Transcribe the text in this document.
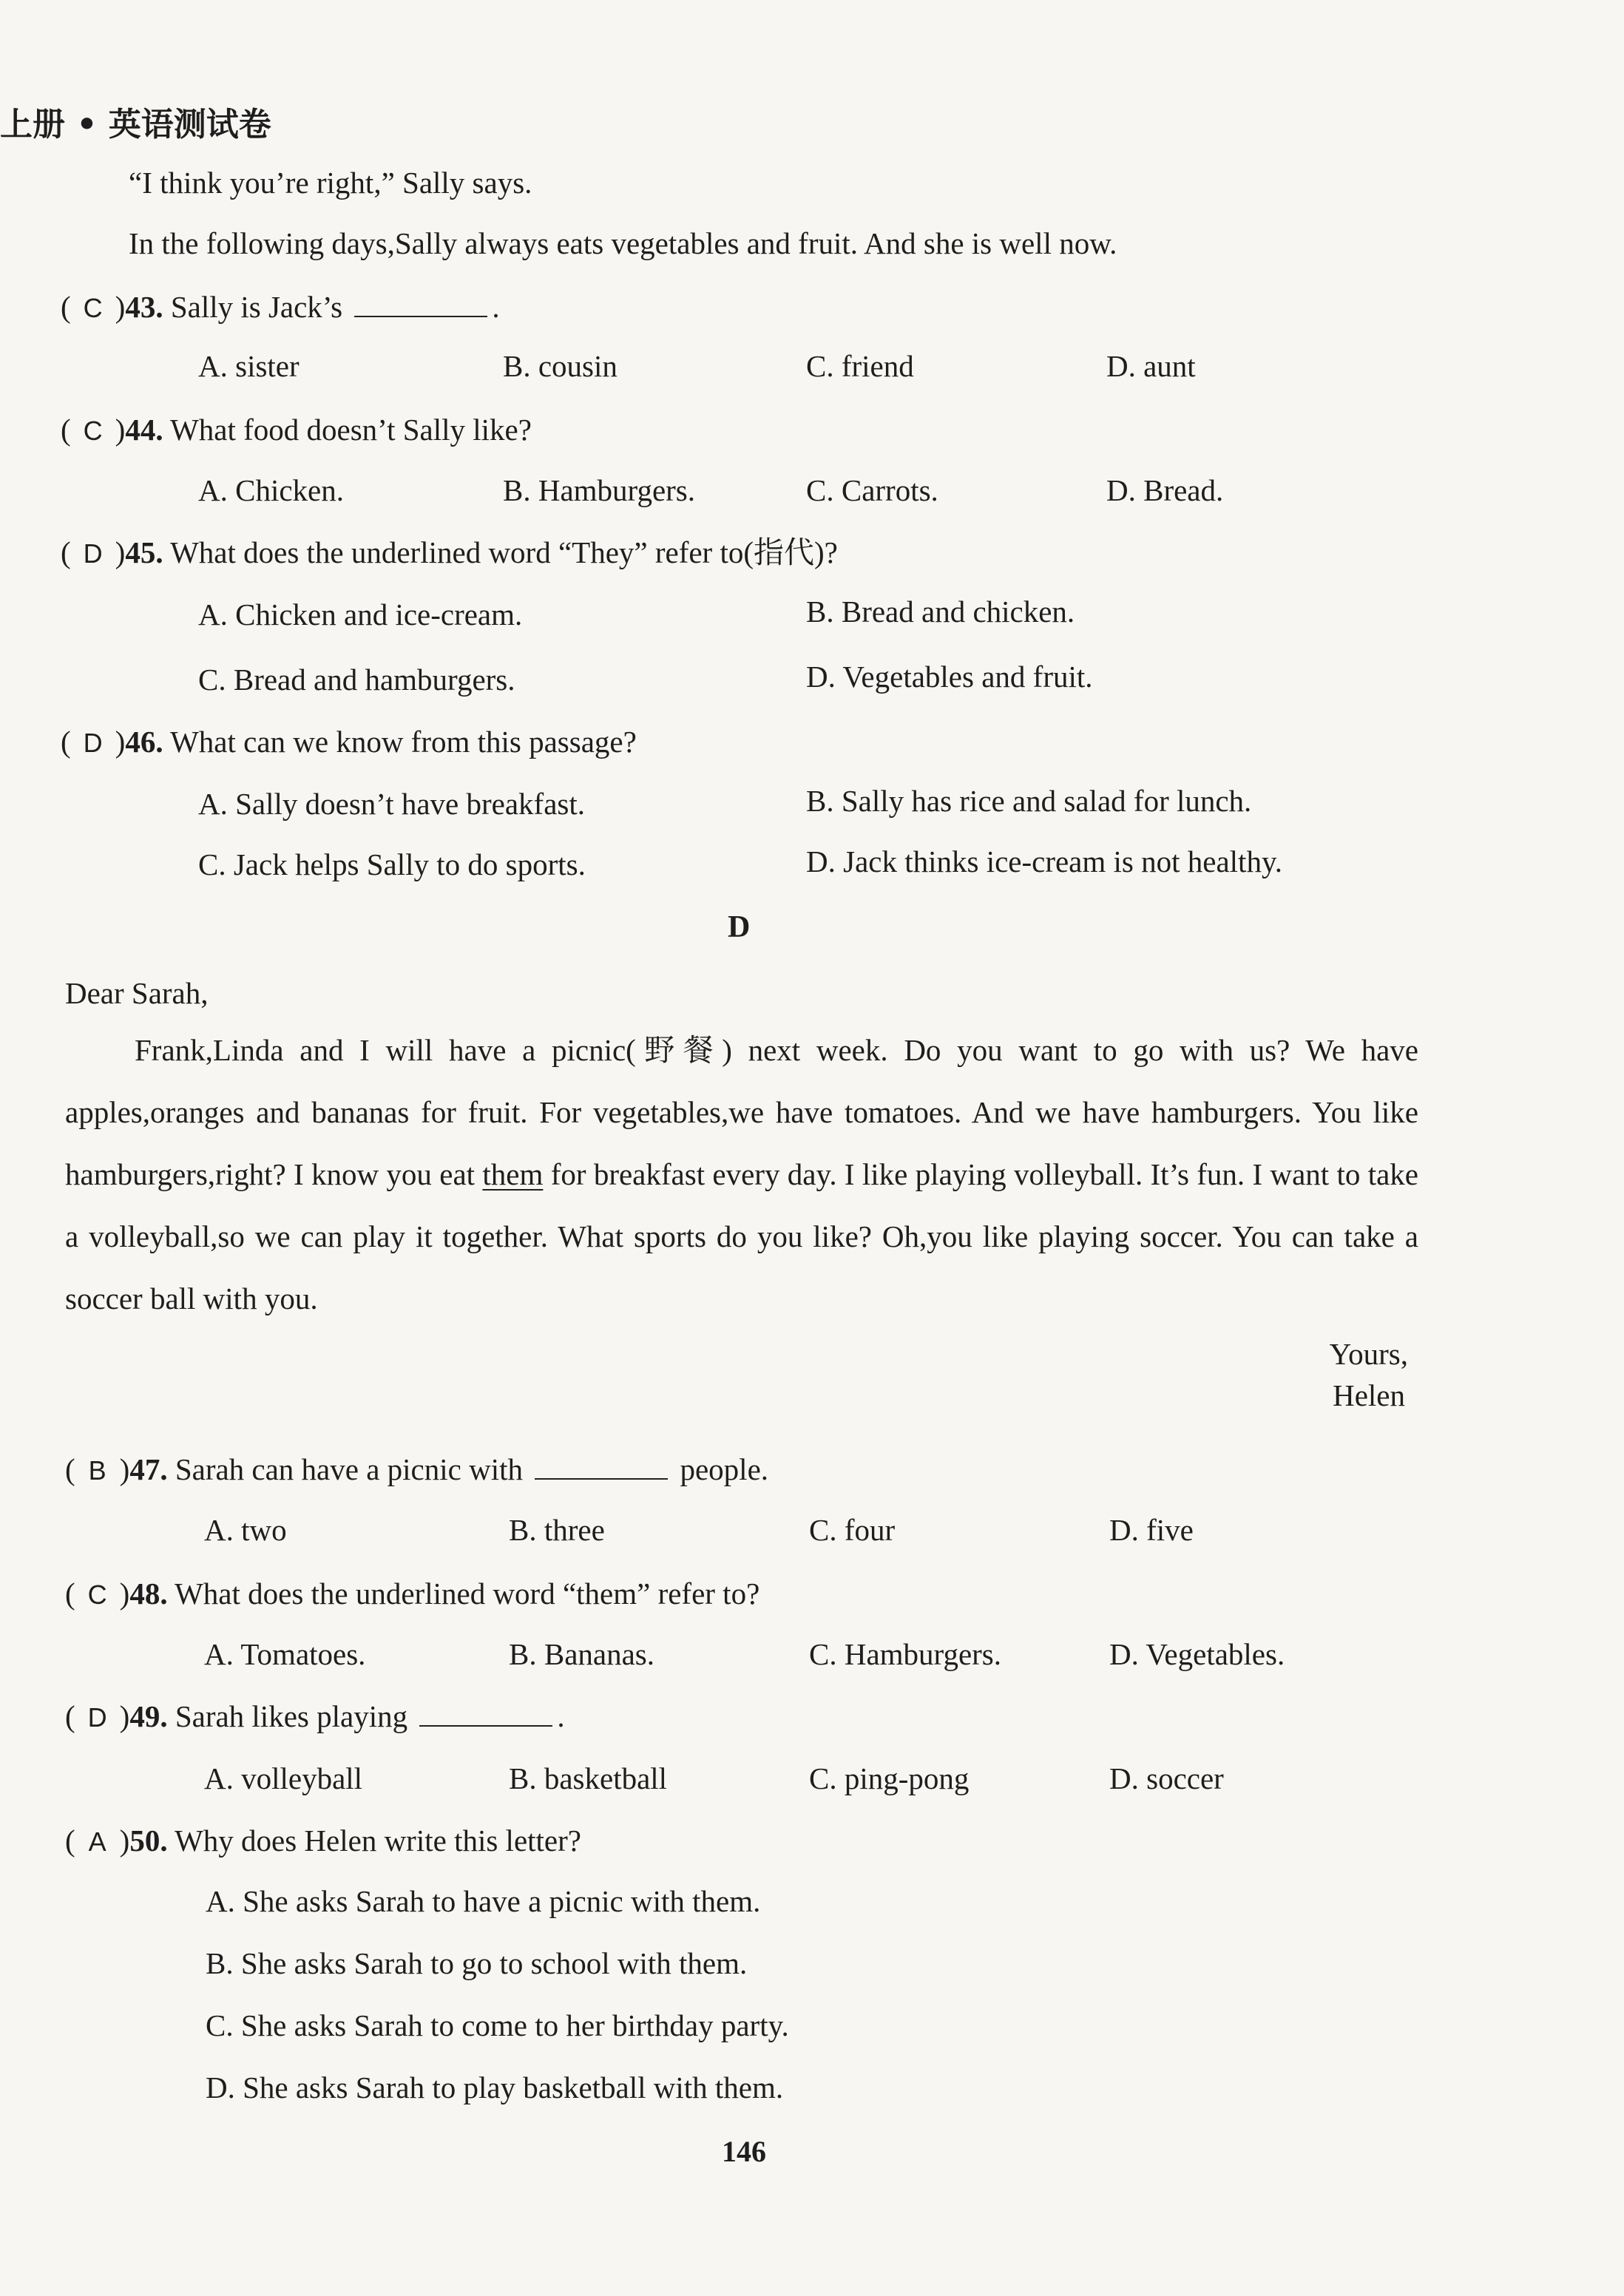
上册 • 英语测试卷
“I think you’re right,” Sally says.
In the following days,Sally always eats vegetables and fruit. And she is well now.
( C )43. Sally is Jack’s	.
A. sister	B. cousin	C. friend	D. aunt
( C )44. What food doesn’t Sally like?
A. Chicken.	B. Hamburgers.	C. Carrots.	D. Bread.
( D )45. What does the underlined word “They” refer to(指代)?
A. Chicken and ice-cream.	B. Bread and chicken.
C. Bread and hamburgers.	D. Vegetables and fruit.
( D )46. What can we know from this passage?
A. Sally doesn’t have breakfast.	B. Sally has rice and salad for lunch.
C. Jack helps Sally to do sports.	D. Jack thinks ice-cream is not healthy.
D
Dear Sarah,
Frank,Linda and I will have a picnic(野餐) next week. Do you want to go with us? We have apples,oranges and bananas for fruit. For vegetables,we have tomatoes. And we have hamburgers. You like hamburgers,right? I know you eat them for breakfast every day. I like playing volleyball. It’s fun. I want to take a volleyball,so we can play it together. What sports do you like? Oh,you like playing soccer. You can take a soccer ball with you.
Yours,
Helen
( B )47. Sarah can have a picnic with	people.
A. two	B. three	C. four	D. five
( C )48. What does the underlined word “them” refer to?
A. Tomatoes.	B. Bananas.	C. Hamburgers.	D. Vegetables.
( D )49. Sarah likes playing	.
A. volleyball	B. basketball	C. ping-pong	D. soccer
( A )50. Why does Helen write this letter?
A. She asks Sarah to have a picnic with them.
B. She asks Sarah to go to school with them.
C. She asks Sarah to come to her birthday party.
D. She asks Sarah to play basketball with them.
146
